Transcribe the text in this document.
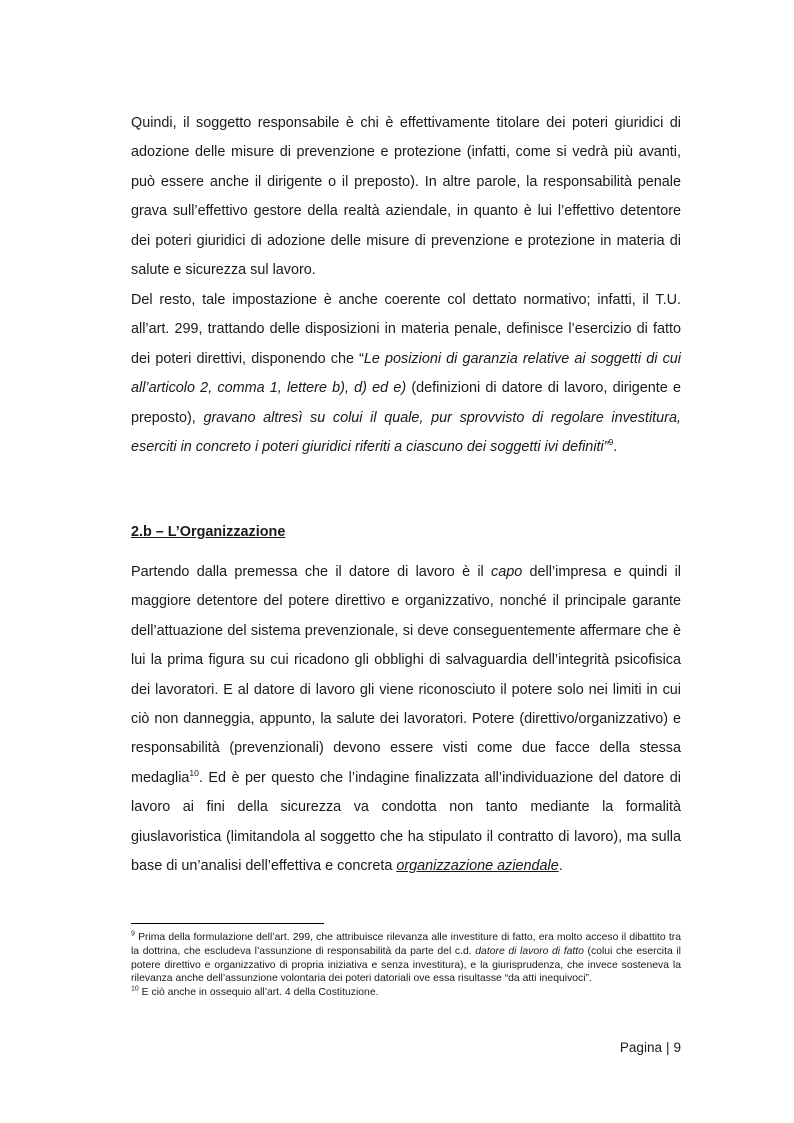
Quindi, il soggetto responsabile è chi è effettivamente titolare dei poteri giuridici di adozione delle misure di prevenzione e protezione (infatti, come si vedrà più avanti, può essere anche il dirigente o il preposto). In altre parole, la responsabilità penale grava sull’effettivo gestore della realtà aziendale, in quanto è lui l’effettivo detentore dei poteri giuridici di adozione delle misure di prevenzione e protezione in materia di salute e sicurezza sul lavoro.

Del resto, tale impostazione è anche coerente col dettato normativo; infatti, il T.U. all’art. 299, trattando delle disposizioni in materia penale, definisce l’esercizio di fatto dei poteri direttivi, disponendo che “Le posizioni di garanzia relative ai soggetti di cui all’articolo 2, comma 1, lettere b), d) ed e) (definizioni di datore di lavoro, dirigente e preposto), gravano altresì su colui il quale, pur sprovvisto di regolare investitura, eserciti in concreto i poteri giuridici riferiti a ciascuno dei soggetti ivi definiti”$^9$.

2.b – L’Organizzazione

Partendo dalla premessa che il datore di lavoro è il capo dell’impresa e quindi il maggiore detentore del potere direttivo e organizzativo, nonché il principale garante dell’attuazione del sistema prevenzionale, si deve conseguentemente affermare che è lui la prima figura su cui ricadono gli obblighi di salvaguardia dell’integrità psicofisica dei lavoratori. E al datore di lavoro gli viene riconosciuto il potere solo nei limiti in cui ciò non danneggia, appunto, la salute dei lavoratori. Potere (direttivo/organizzativo) e responsabilità (prevenzionali) devono essere visti come due facce della stessa medaglia$^{10}$. Ed è per questo che l’indagine finalizzata all’individuazione del datore di lavoro ai fini della sicurezza va condotta non tanto mediante la formalità giuslavoristica (limitandola al soggetto che ha stipulato il contratto di lavoro), ma sulla base di un’analisi dell’effettiva e concreta organizzazione aziendale.

$^9$ Prima della formulazione dell’art. 299, che attribuisce rilevanza alle investiture di fatto, era molto acceso il dibattito tra la dottrina, che escludeva l’assunzione di responsabilità da parte del c.d. datore di lavoro di fatto (colui che esercita il potere direttivo e organizzativo di propria iniziativa e senza investitura), e la giurisprudenza, che invece sosteneva la rilevanza anche dell’assunzione volontaria dei poteri datoriali ove essa risultasse “da atti inequivoci”.

$^{10}$ E ciò anche in ossequio all’art. 4 della Costituzione.

Pagina | 9
